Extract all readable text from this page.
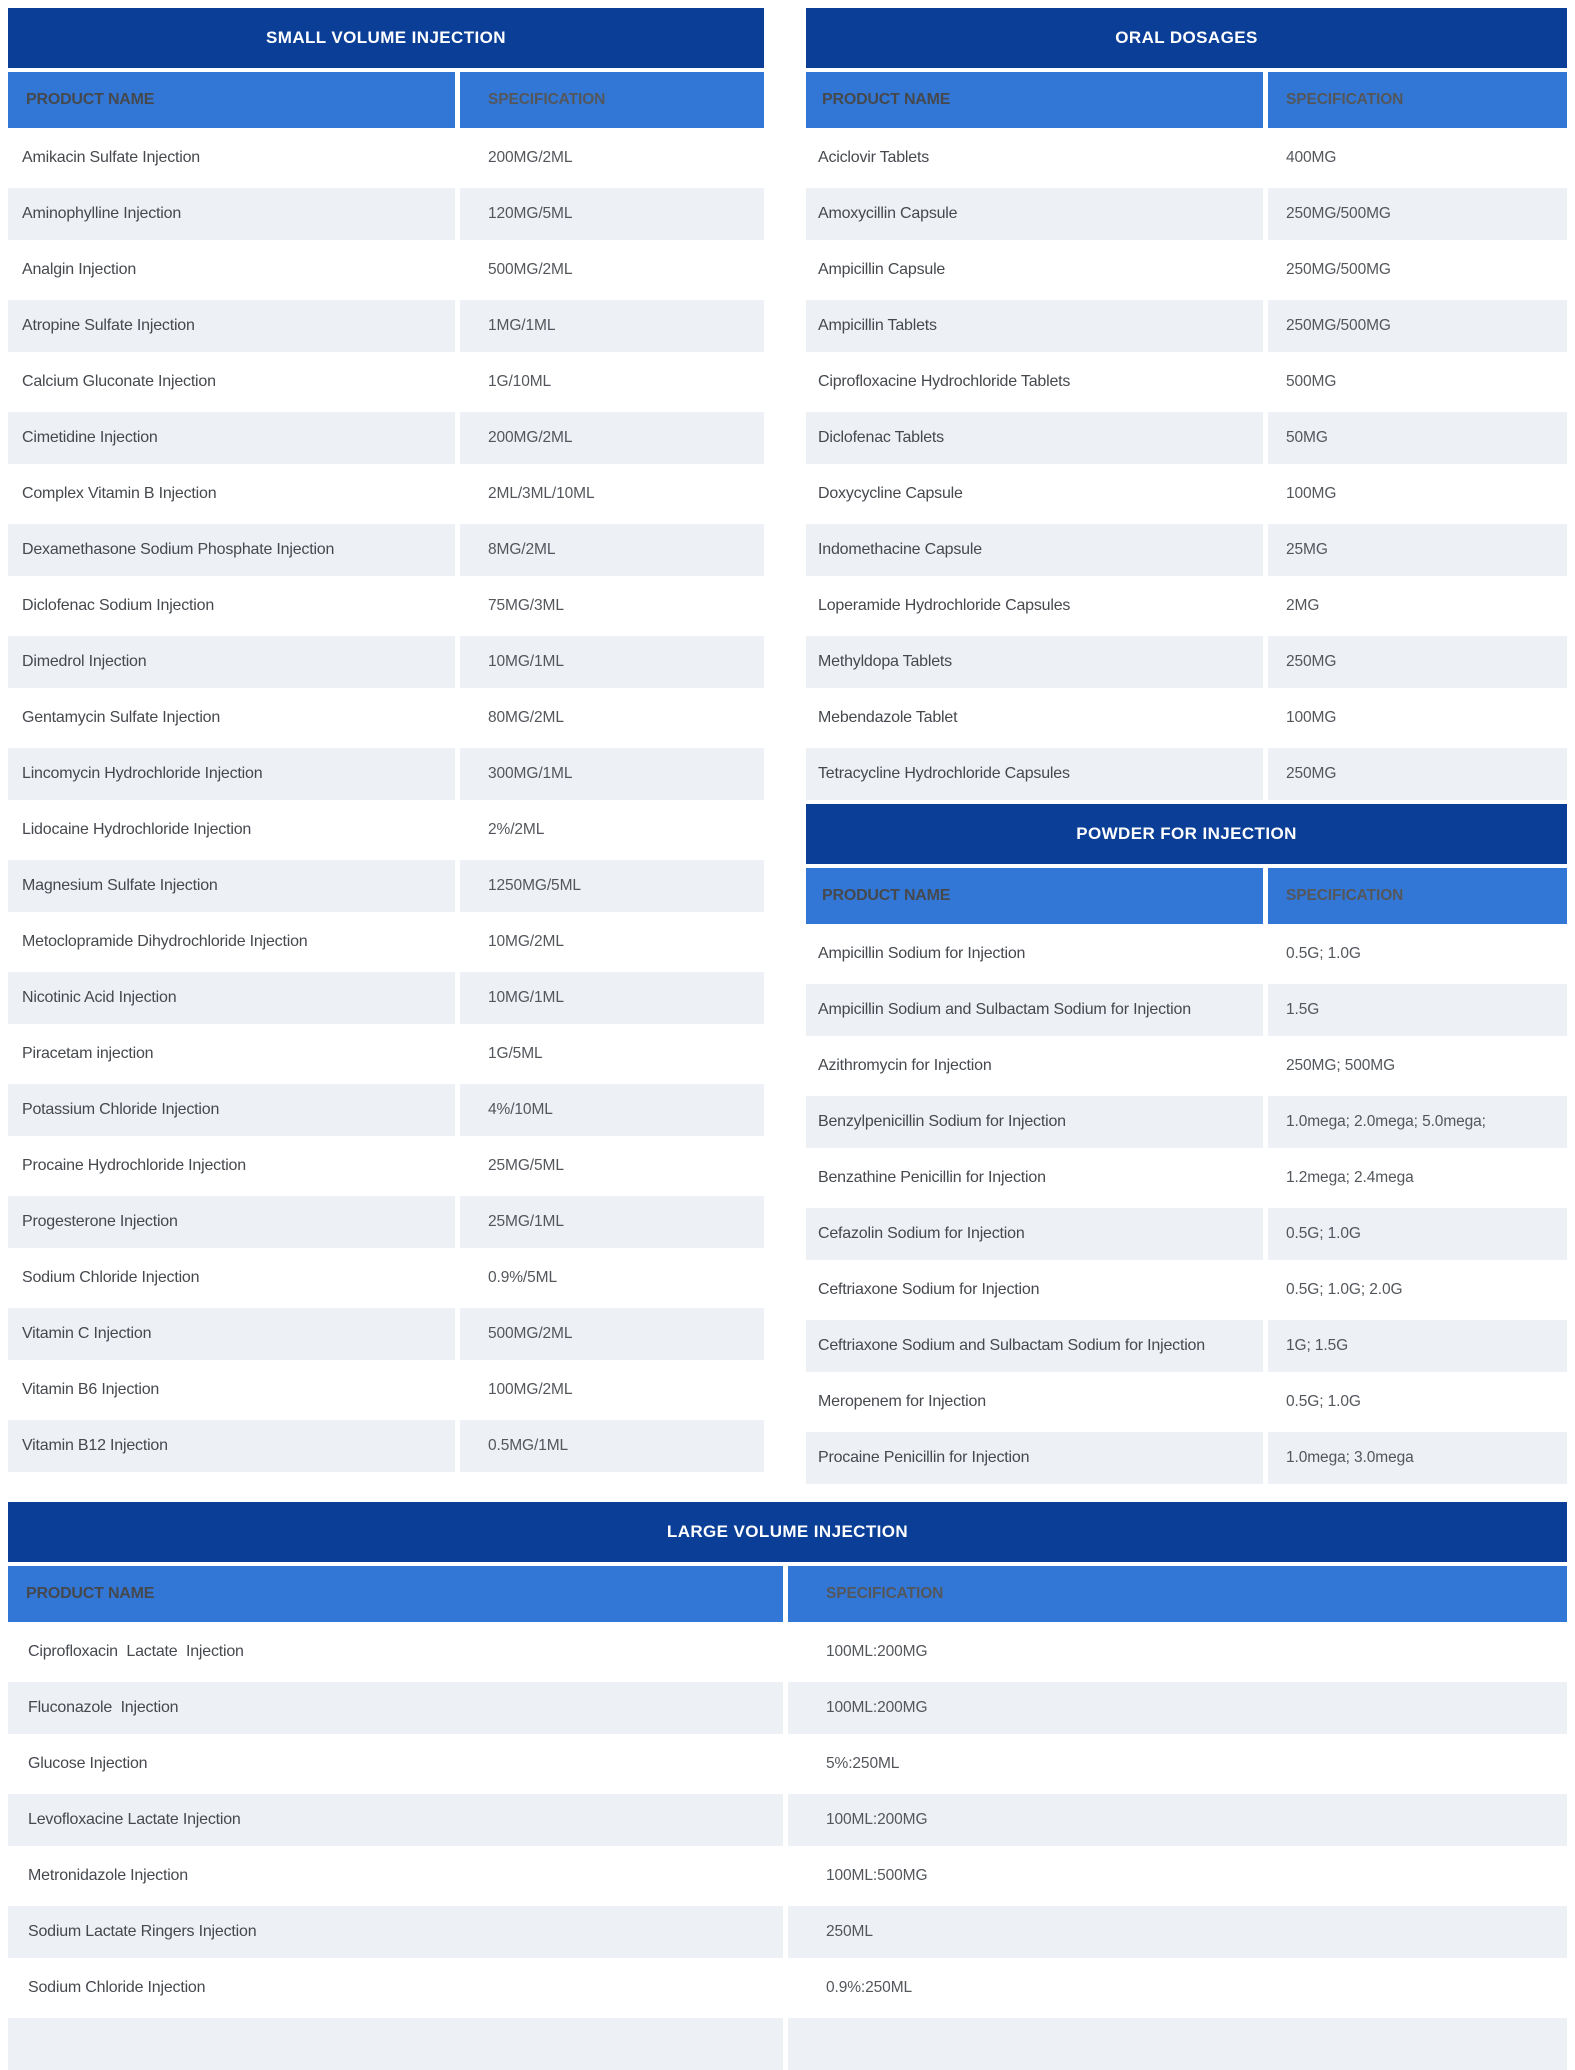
SMALL VOLUME INJECTION
PRODUCT NAME	SPECIFICATION
Amikacin Sulfate Injection	200MG/2ML
Aminophylline Injection	120MG/5ML
Analgin Injection	500MG/2ML
Atropine Sulfate Injection	1MG/1ML
Calcium Gluconate Injection	1G/10ML
Cimetidine Injection	200MG/2ML
Complex Vitamin B Injection	2ML/3ML/10ML
Dexamethasone Sodium Phosphate Injection	8MG/2ML
Diclofenac Sodium Injection	75MG/3ML
Dimedrol Injection	10MG/1ML
Gentamycin Sulfate Injection	80MG/2ML
Lincomycin Hydrochloride Injection	300MG/1ML
Lidocaine Hydrochloride Injection	2%/2ML
Magnesium Sulfate Injection	1250MG/5ML
Metoclopramide Dihydrochloride Injection	10MG/2ML
Nicotinic Acid Injection	10MG/1ML
Piracetam injection	1G/5ML
Potassium Chloride Injection	4%/10ML
Procaine Hydrochloride Injection	25MG/5ML
Progesterone Injection	25MG/1ML
Sodium Chloride Injection	0.9%/5ML
Vitamin C Injection	500MG/2ML
Vitamin B6 Injection	100MG/2ML
Vitamin B12 Injection	0.5MG/1ML
ORAL DOSAGES
PRODUCT NAME	SPECIFICATION
Aciclovir Tablets	400MG
Amoxycillin Capsule	250MG/500MG
Ampicillin Capsule	250MG/500MG
Ampicillin Tablets	250MG/500MG
Ciprofloxacine Hydrochloride Tablets	500MG
Diclofenac Tablets	50MG
Doxycycline Capsule	100MG
Indomethacine Capsule	25MG
Loperamide Hydrochloride Capsules	2MG
Methyldopa Tablets	250MG
Mebendazole Tablet	100MG
Tetracycline Hydrochloride Capsules	250MG
POWDER FOR INJECTION
PRODUCT NAME	SPECIFICATION
Ampicillin Sodium for Injection	0.5G; 1.0G
Ampicillin Sodium and Sulbactam Sodium for Injection	1.5G
Azithromycin for Injection	250MG; 500MG
Benzylpenicillin Sodium for Injection	1.0mega; 2.0mega; 5.0mega;
Benzathine Penicillin for Injection	1.2mega; 2.4mega
Cefazolin Sodium for Injection	0.5G; 1.0G
Ceftriaxone Sodium for Injection	0.5G; 1.0G; 2.0G
Ceftriaxone Sodium and Sulbactam Sodium for Injection	1G; 1.5G
Meropenem for Injection	0.5G; 1.0G
Procaine Penicillin for Injection	1.0mega; 3.0mega
LARGE VOLUME INJECTION
PRODUCT NAME	SPECIFICATION
Ciprofloxacin  Lactate  Injection	100ML:200MG
Fluconazole  Injection	100ML:200MG
Glucose Injection	5%:250ML
Levofloxacine Lactate Injection	100ML:200MG
Metronidazole Injection	100ML:500MG
Sodium Lactate Ringers Injection	250ML
Sodium Chloride Injection	0.9%:250ML
